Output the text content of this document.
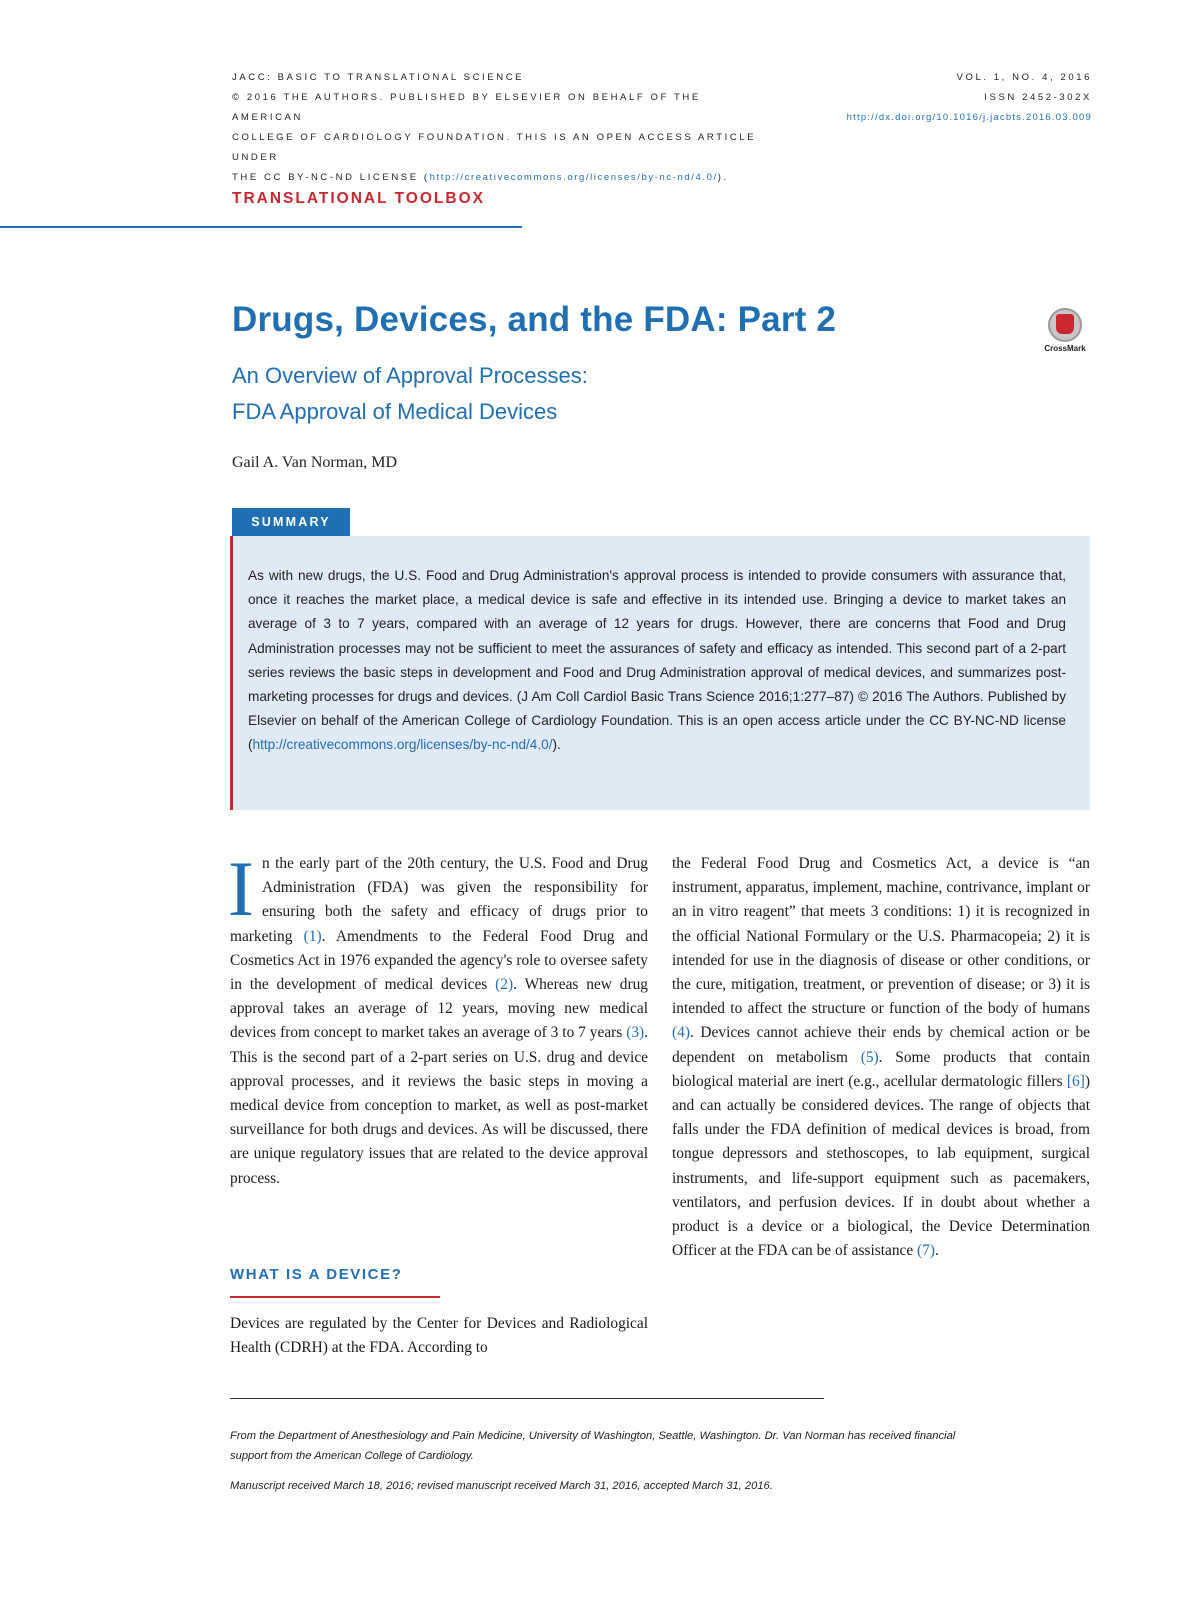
JACC: BASIC TO TRANSLATIONAL SCIENCE
© 2016 THE AUTHORS. PUBLISHED BY ELSEVIER ON BEHALF OF THE AMERICAN
COLLEGE OF CARDIOLOGY FOUNDATION. THIS IS AN OPEN ACCESS ARTICLE UNDER
THE CC BY-NC-ND LICENSE (http://creativecommons.org/licenses/by-nc-nd/4.0/).
VOL. 1, NO. 4, 2016
ISSN 2452-302X
http://dx.doi.org/10.1016/j.jacbts.2016.03.009
TRANSLATIONAL TOOLBOX
Drugs, Devices, and the FDA: Part 2
An Overview of Approval Processes:
FDA Approval of Medical Devices
CrossMark
Gail A. Van Norman, MD
SUMMARY
As with new drugs, the U.S. Food and Drug Administration's approval process is intended to provide consumers with assurance that, once it reaches the market place, a medical device is safe and effective in its intended use. Bringing a device to market takes an average of 3 to 7 years, compared with an average of 12 years for drugs. However, there are concerns that Food and Drug Administration processes may not be sufficient to meet the assurances of safety and efficacy as intended. This second part of a 2-part series reviews the basic steps in development and Food and Drug Administration approval of medical devices, and summarizes post-marketing processes for drugs and devices. (J Am Coll Cardiol Basic Trans Science 2016;1:277–87) © 2016 The Authors. Published by Elsevier on behalf of the American College of Cardiology Foundation. This is an open access article under the CC BY-NC-ND license (http://creativecommons.org/licenses/by-nc-nd/4.0/).
In the early part of the 20th century, the U.S. Food and Drug Administration (FDA) was given the responsibility for ensuring both the safety and efficacy of drugs prior to marketing (1). Amendments to the Federal Food Drug and Cosmetics Act in 1976 expanded the agency's role to oversee safety in the development of medical devices (2). Whereas new drug approval takes an average of 12 years, moving new medical devices from concept to market takes an average of 3 to 7 years (3). This is the second part of a 2-part series on U.S. drug and device approval processes, and it reviews the basic steps in moving a medical device from conception to market, as well as post-market surveillance for both drugs and devices. As will be discussed, there are unique regulatory issues that are related to the device approval process.
WHAT IS A DEVICE?
Devices are regulated by the Center for Devices and Radiological Health (CDRH) at the FDA. According to
the Federal Food Drug and Cosmetics Act, a device is “an instrument, apparatus, implement, machine, contrivance, implant or an in vitro reagent” that meets 3 conditions: 1) it is recognized in the official National Formulary or the U.S. Pharmacopeia; 2) it is intended for use in the diagnosis of disease or other conditions, or the cure, mitigation, treatment, or prevention of disease; or 3) it is intended to affect the structure or function of the body of humans (4). Devices cannot achieve their ends by chemical action or be dependent on metabolism (5). Some products that contain biological material are inert (e.g., acellular dermatologic fillers [6]) and can actually be considered devices. The range of objects that falls under the FDA definition of medical devices is broad, from tongue depressors and stethoscopes, to lab equipment, surgical instruments, and life-support equipment such as pacemakers, ventilators, and perfusion devices. If in doubt about whether a product is a device or a biological, the Device Determination Officer at the FDA can be of assistance (7).
From the Department of Anesthesiology and Pain Medicine, University of Washington, Seattle, Washington. Dr. Van Norman has received financial support from the American College of Cardiology.
Manuscript received March 18, 2016; revised manuscript received March 31, 2016, accepted March 31, 2016.
